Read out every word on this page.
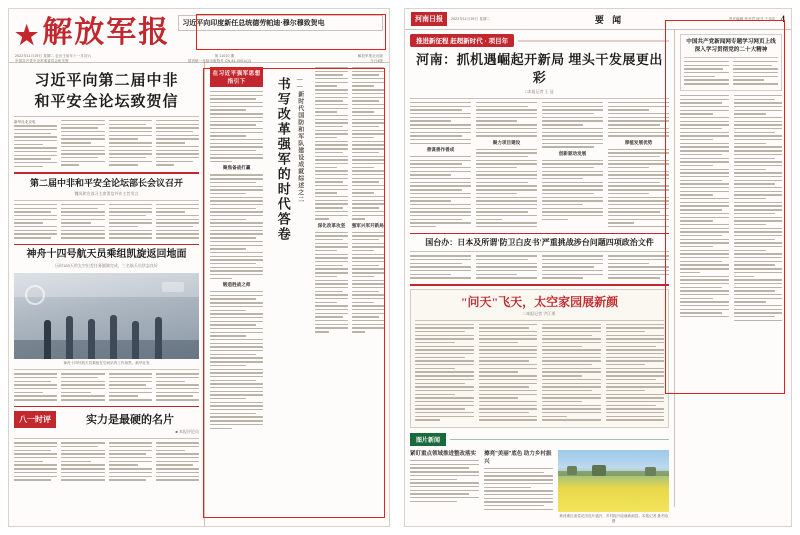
★解放军报 习近平向印度新任总统德劳帕迪·穆尔穆致贺电
2022年11月29日 星期二 农历壬寅年十一月初六	第 11010 期	解放军报社出版
中国共产党中央军事委员会机关报	国内统一连续出版物号 CN 81-0001/(J)	今日4版
习近平向第二届中非
和平安全论坛致贺信
新华社北京电
第二届中非和平安全论坛部长会议召开
魏凤和宣读习主席贺信并作主旨发言
神舟十四号航天员乘组凯旋返回地面
历时183天的太空出差任务圆满完成，三名航天员状态良好
神舟十四号航天员乘组在空间站内工作场景。新华社发
八一时评	实力是最硬的名片
■ 本报评论员
在习近平强军思想指引下
聚焦备战打赢
锻造胜战之师
书写改革强军的时代答卷	——新时代国防和军队建设成就综述之二
深化改革攻坚	强军兴军开新局
河南日报	2022年11月29日 星期二	要 闻	责任编辑 张华君 版式 王伟宾 4
推进新征程 赶超新时代 · 项目年
河南：抓机遇崛起开新局 埋头干发展更出彩
□本报记者 王 冠
善谋善作善成
聚力项目建设
创新驱动发展
厚植发展优势
国台办：日本及所谓'防卫白皮书'严重挑战涉台问题四项政治文件
"问天"飞天，太空家园展新颜
□本报记者 尹江勇
图片新闻
紧盯重点领域推进整改落实	擦亮"美丽"底色 助力乡村振兴
黄河滩区油菜花田连片盛开，乡村振兴绘就新画卷。本报记者 聂冬晗 摄
中国共产党新闻网专题学习网页上线 深入学习贯彻党的二十大精神
